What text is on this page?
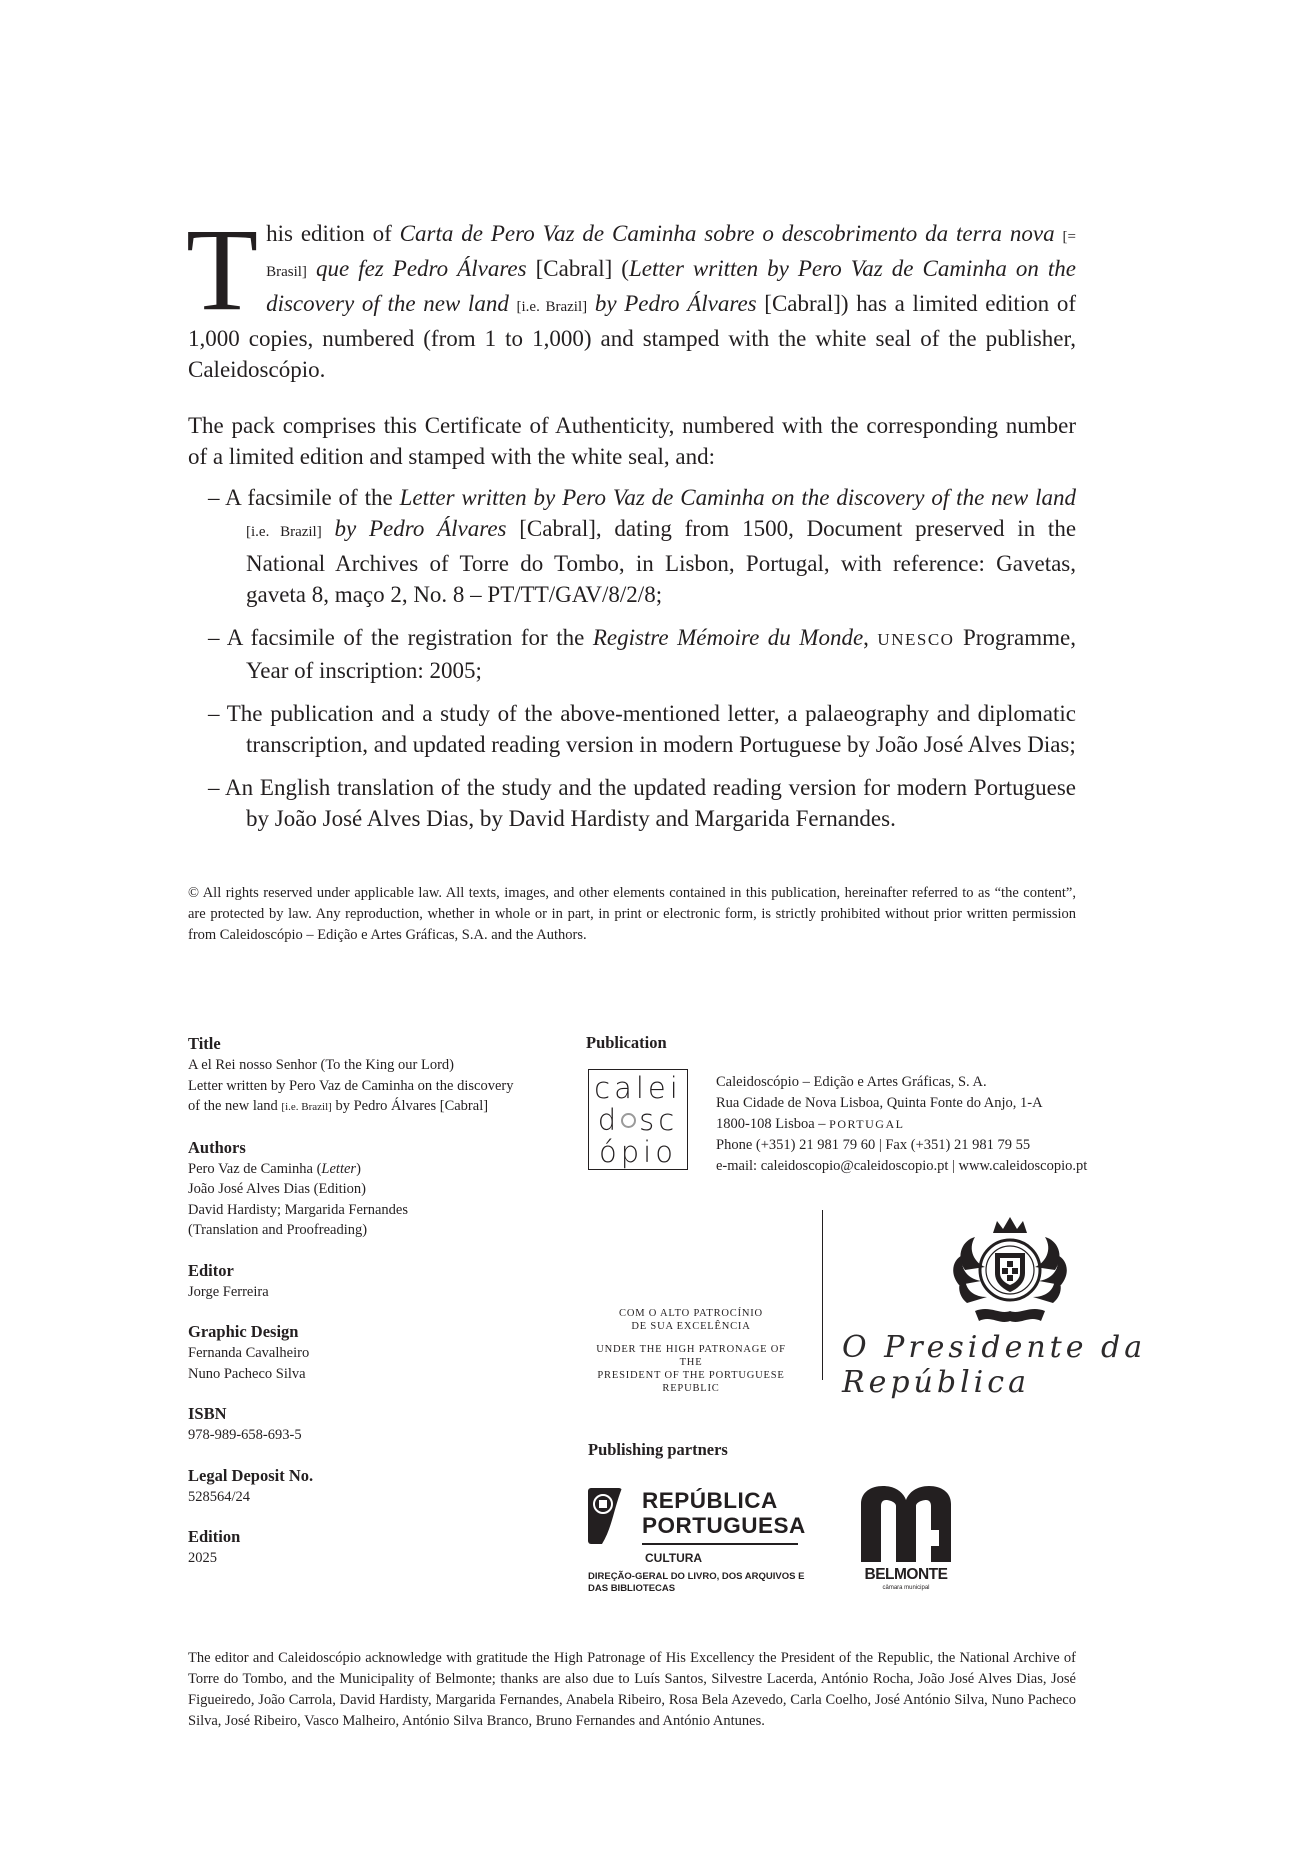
This edition of Carta de Pero Vaz de Caminha sobre o descobrimento da terra nova [= Brasil] que fez Pedro Álvares [Cabral] (Letter written by Pero Vaz de Caminha on the discovery of the new land [i.e. Brazil] by Pedro Álvares [Cabral]) has a limited edition of 1,000 copies, numbered (from 1 to 1,000) and stamped with the white seal of the publisher, Caleidoscópio.

The pack comprises this Certificate of Authenticity, numbered with the corresponding number of a limited edition and stamped with the white seal, and:

– A facsimile of the Letter written by Pero Vaz de Caminha on the discovery of the new land [i.e. Brazil] by Pedro Álvares [Cabral], dating from 1500, Document preserved in the National Archives of Torre do Tombo, in Lisbon, Portugal, with reference: Gavetas, gaveta 8, maço 2, No. 8 – PT/TT/GAV/8/2/8;
– A facsimile of the registration for the Registre Mémoire du Monde, UNESCO Programme, Year of inscription: 2005;
– The publication and a study of the above-mentioned letter, a palaeography and diplomatic transcription, and updated reading version in modern Portuguese by João José Alves Dias;
– An English translation of the study and the updated reading version for modern Portuguese by João José Alves Dias, by David Hardisty and Margarida Fernandes.
© All rights reserved under applicable law. All texts, images, and other elements contained in this publication, hereinafter referred to as “the content”, are protected by law. Any reproduction, whether in whole or in part, in print or electronic form, is strictly prohibited without prior written permission from Caleidoscópio – Edição e Artes Gráficas, S.A. and the Authors.
Title
A el Rei nosso Senhor (To the King our Lord)
Letter written by Pero Vaz de Caminha on the discovery
of the new land [i.e. Brazil] by Pedro Álvares [Cabral]
Authors
Pero Vaz de Caminha (Letter)
João José Alves Dias (Edition)
David Hardisty; Margarida Fernandes
(Translation and Proofreading)
Editor
Jorge Ferreira
Graphic Design
Fernanda Cavalheiro
Nuno Pacheco Silva
ISBN
978-989-658-693-5
Legal Deposit No.
528564/24
Edition
2025
Publication
calei
d sc
ópio
Caleidoscópio – Edição e Artes Gráficas, S. A.
Rua Cidade de Nova Lisboa, Quinta Fonte do Anjo, 1-A
1800-108 Lisboa – PORTUGAL
Phone (+351) 21 981 79 60 | Fax (+351) 21 981 79 55
e-mail: caleidoscopio@caleidoscopio.pt | www.caleidoscopio.pt
COM O ALTO PATROCÍNIO
DE SUA EXCELÊNCIA
UNDER THE HIGH PATRONAGE OF THE
PRESIDENT OF THE PORTUGUESE REPUBLIC
O Presidente da República
Publishing partners
REPÚBLICA
PORTUGUESA
CULTURA
DIREÇÃO-GERAL DO LIVRO, DOS ARQUIVOS E
DAS BIBLIOTECAS
BELMONTE
câmara municipal
The editor and Caleidoscópio acknowledge with gratitude the High Patronage of His Excellency the President of the Republic, the National Archive of Torre do Tombo, and the Municipality of Belmonte; thanks are also due to Luís Santos, Silvestre Lacerda, António Rocha, João José Alves Dias, José Figueiredo, João Carrola, David Hardisty, Margarida Fernandes, Anabela Ribeiro, Rosa Bela Azevedo, Carla Coelho, José António Silva, Nuno Pacheco Silva, José Ribeiro, Vasco Malheiro, António Silva Branco, Bruno Fernandes and António Antunes.
